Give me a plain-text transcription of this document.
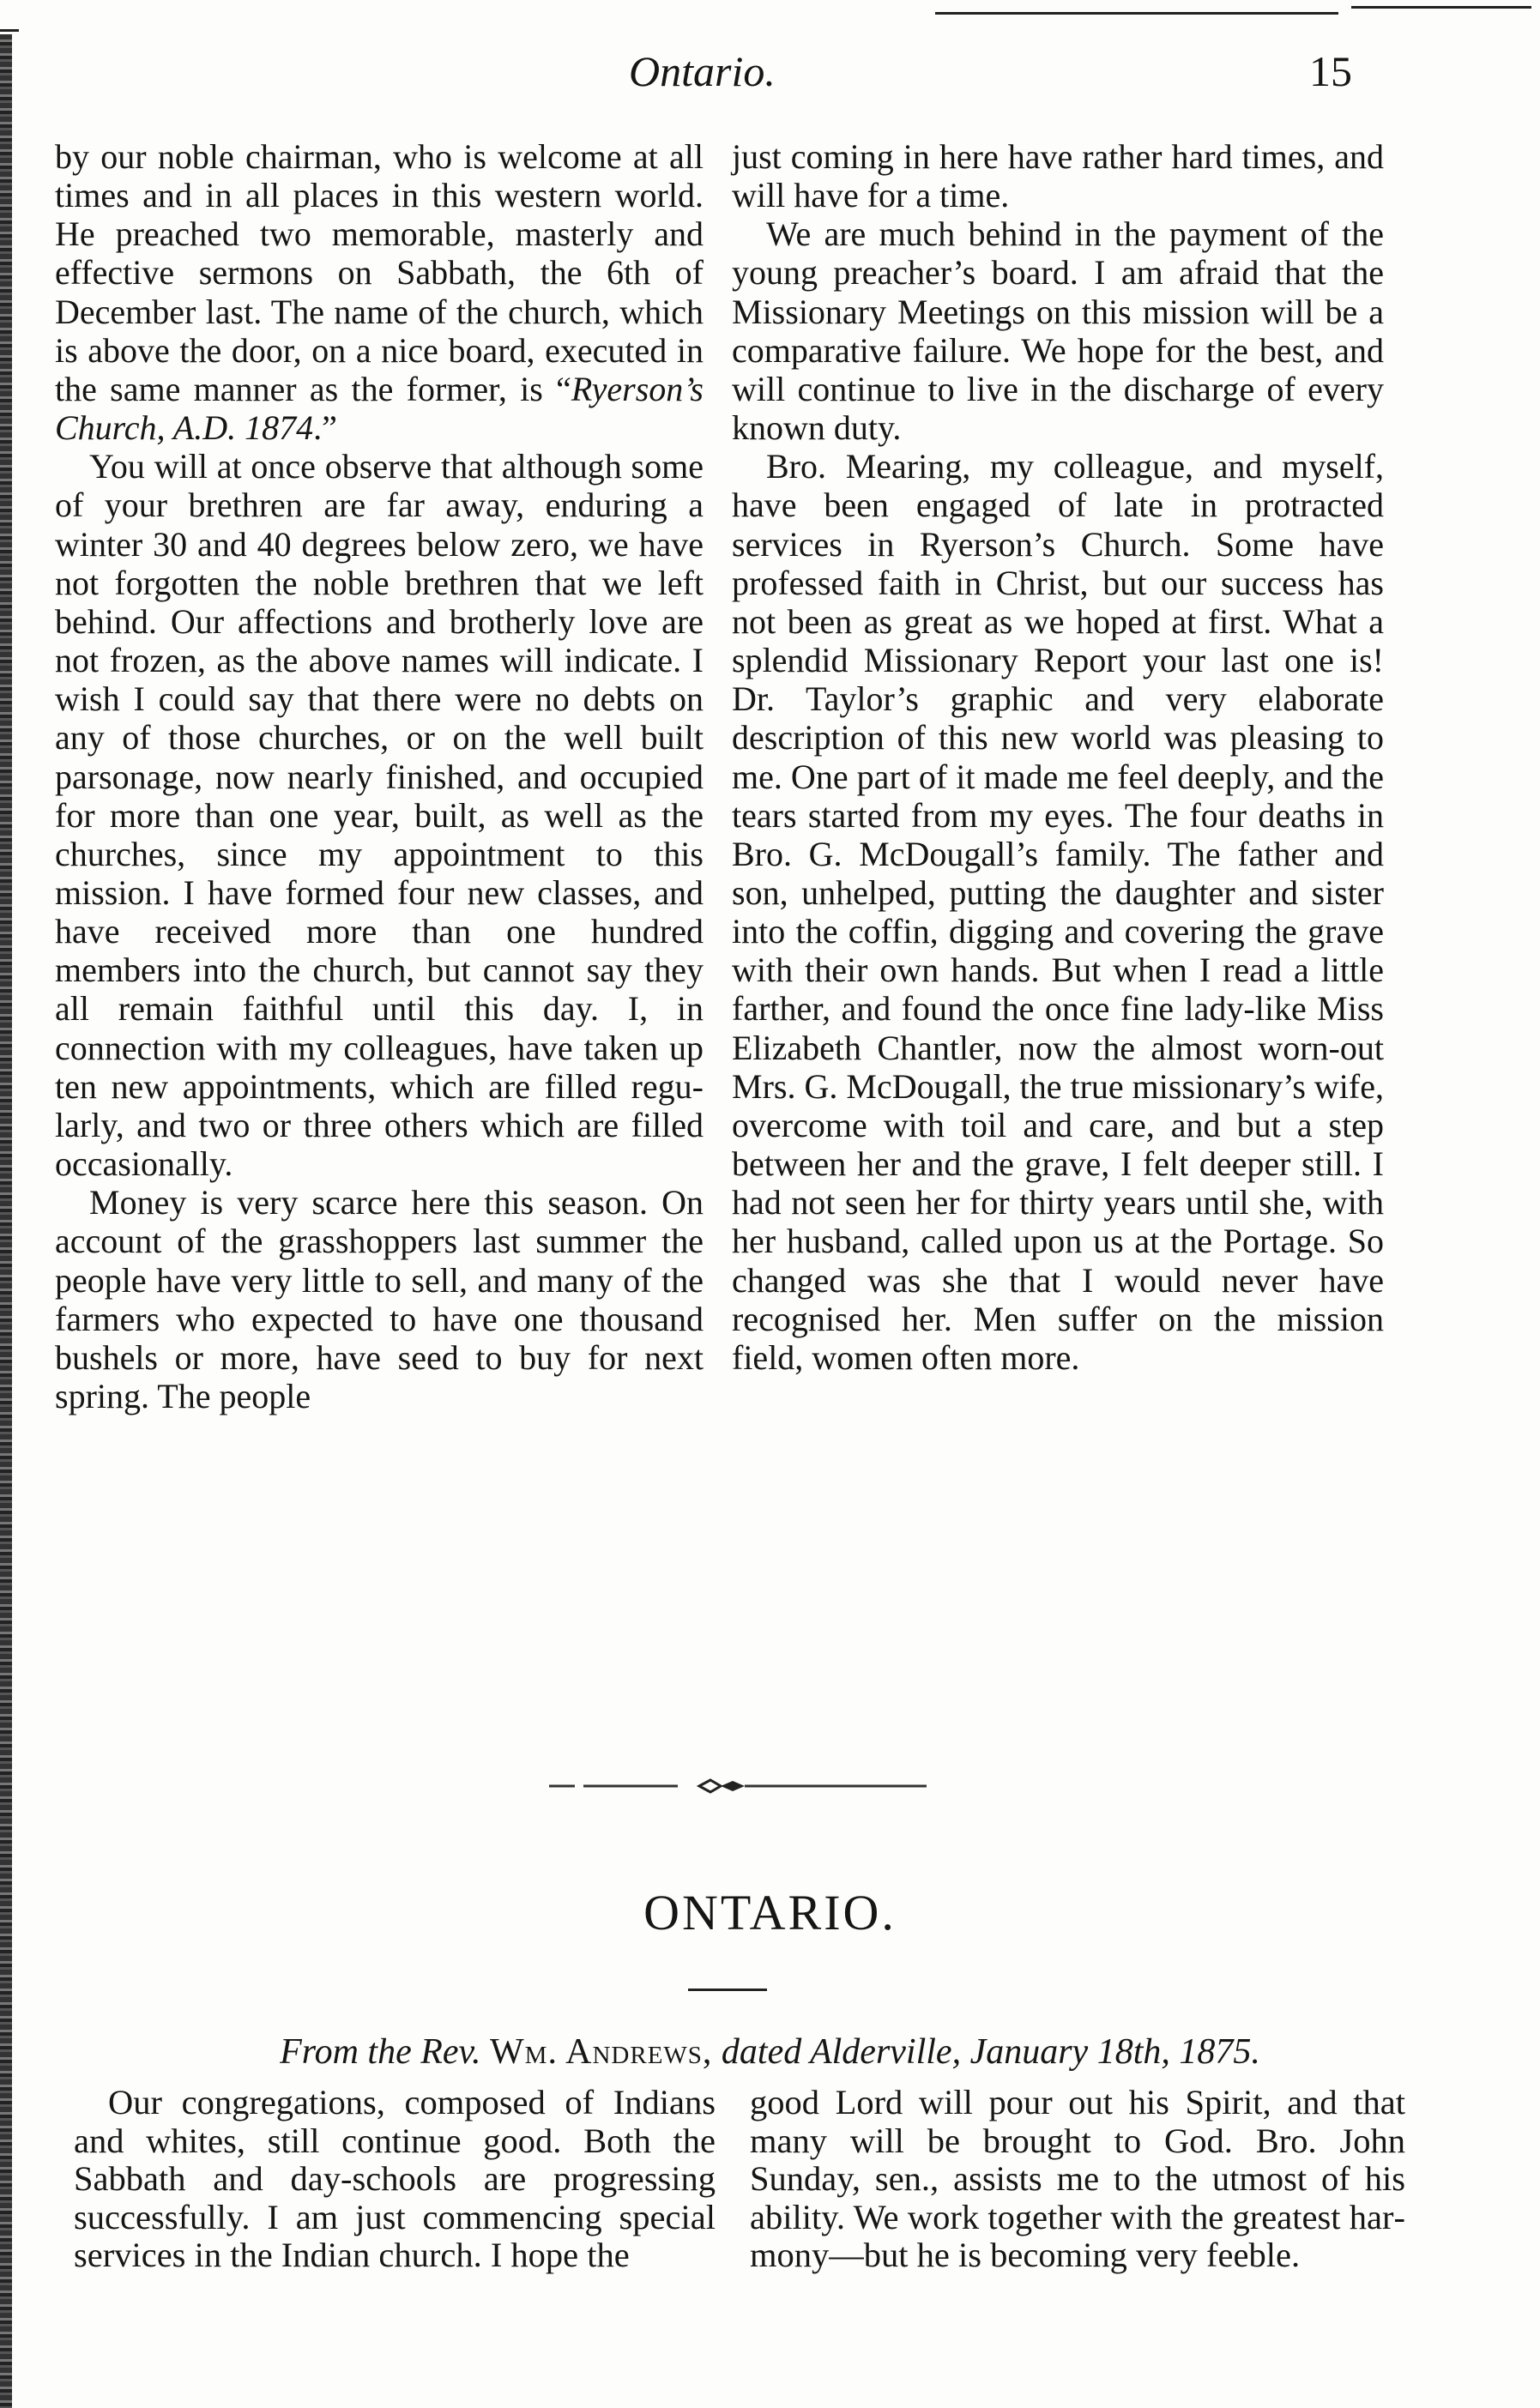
Ontario.	15

by our noble chairman, who is welcome at all times and in all places in this western world. He preached two memorable, masterly and effective sermons on Sabbath, the 6th of December last. The name of the church, which is above the door, on a nice board, executed in the same manner as the former, is “Ryerson’s Church, A.D. 1874.”

You will at once observe that although some of your brethren are far away, enduring a winter 30 and 40 degrees below zero, we have not forgotten the noble brethren that we left behind. Our affections and brotherly love are not frozen, as the above names will indicate. I wish I could say that there were no debts on any of those churches, or on the well built parsonage, now nearly finished, and occupied for more than one year, built, as well as the churches, since my appointment to this mission. I have formed four new classes, and have received more than one hundred members into the church, but cannot say they all remain faithful until this day. I, in connection with my colleagues, have taken up ten new appointments, which are filled regularly, and two or three others which are filled occasionally.

Money is very scarce here this season. On account of the grasshoppers last summer the people have very little to sell, and many of the farmers who expected to have one thousand bushels or more, have seed to buy for next spring. The people

just coming in here have rather hard times, and will have for a time.

We are much behind in the payment of the young preacher’s board. I am afraid that the Missionary Meetings on this mission will be a comparative failure. We hope for the best, and will continue to live in the discharge of every known duty.

Bro. Mearing, my colleague, and myself, have been engaged of late in protracted services in Ryerson’s Church. Some have professed faith in Christ, but our success has not been as great as we hoped at first. What a splendid Missionary Report your last one is! Dr. Taylor’s graphic and very elaborate description of this new world was pleasing to me. One part of it made me feel deeply, and the tears started from my eyes. The four deaths in Bro. G. McDougall’s family. The father and son, unhelped, putting the daughter and sister into the coffin, digging and covering the grave with their own hands. But when I read a little farther, and found the once fine lady-like Miss Elizabeth Chantler, now the almost worn-out Mrs. G. McDougall, the true missionary’s wife, overcome with toil and care, and but a step between her and the grave, I felt deeper still. I had not seen her for thirty years until she, with her husband, called upon us at the Portage. So changed was she that I would never have recognised her. Men suffer on the mission field, women often more.

ONTARIO.
From the Rev. Wm. Andrews, dated Alderville, January 18th, 1875.

Our congregations, composed of Indians and whites, still continue good. Both the Sabbath and day-schools are progressing successfully. I am just commencing special services in the Indian church. I hope the

good Lord will pour out his Spirit, and that many will be brought to God. Bro. John Sunday, sen., assists me to the utmost of his ability. We work together with the greatest harmony—but he is becoming very feeble.
